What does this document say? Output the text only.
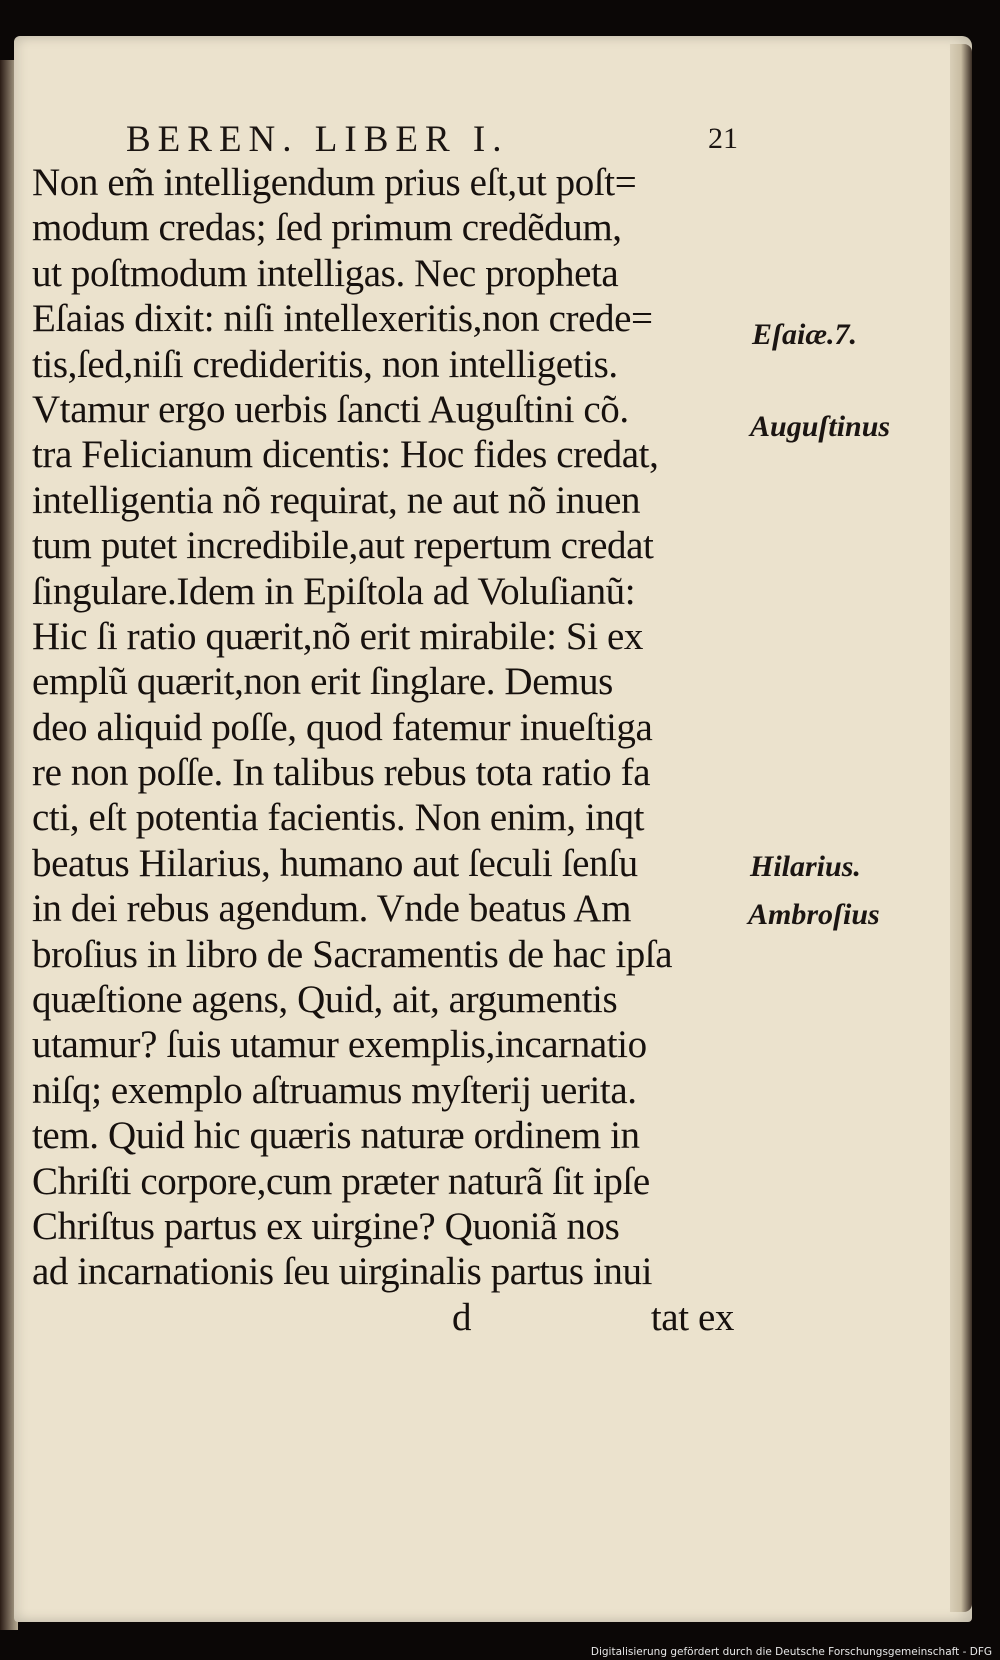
BEREN. LIBER I.	21
Non em̃ intelligendum prius eſt,ut poſt=
modum credas; ſed primum credẽdum,
ut poſtmodum intelligas. Nec propheta
Eſaias dixit: niſi intellexeritis,non crede=
tis,ſed,niſi credideritis, non intelligetis.
Vtamur ergo uerbis ſancti Auguſtini cõ.
tra Felicianum dicentis: Hoc fides credat,
intelligentia nõ requirat, ne aut nõ inuen
tum putet incredibile,aut repertum credat
ſingulare.Idem in Epiſtola ad Voluſianũ:
Hic ſi ratio quærit,nõ erit mirabile: Si ex
emplũ quærit,non erit ſinglare. Demus
deo aliquid poſſe, quod fatemur inueſtiga
re non poſſe. In talibus rebus tota ratio fa
cti, eſt potentia facientis. Non enim, inqt
beatus Hilarius, humano aut ſeculi ſenſu
in dei rebus agendum. Vnde beatus Am
broſius in libro de Sacramentis de hac ipſa
quæſtione agens, Quid, ait, argumentis
utamur? ſuis utamur exemplis,incarnatio
niſq; exemplo aſtruamus myſterij uerita.
tem. Quid hic quæris naturæ ordinem in
Chriſti corpore,cum præter naturã ſit ipſe
Chriſtus partus ex uirgine? Quoniã nos
ad incarnationis ſeu uirginalis partus inui
d	tat ex
Eſaiæ.7.
Auguſtinus
Hilarius.
Ambroſius
Digitalisierung gefördert durch die Deutsche Forschungsgemeinschaft - DFG
